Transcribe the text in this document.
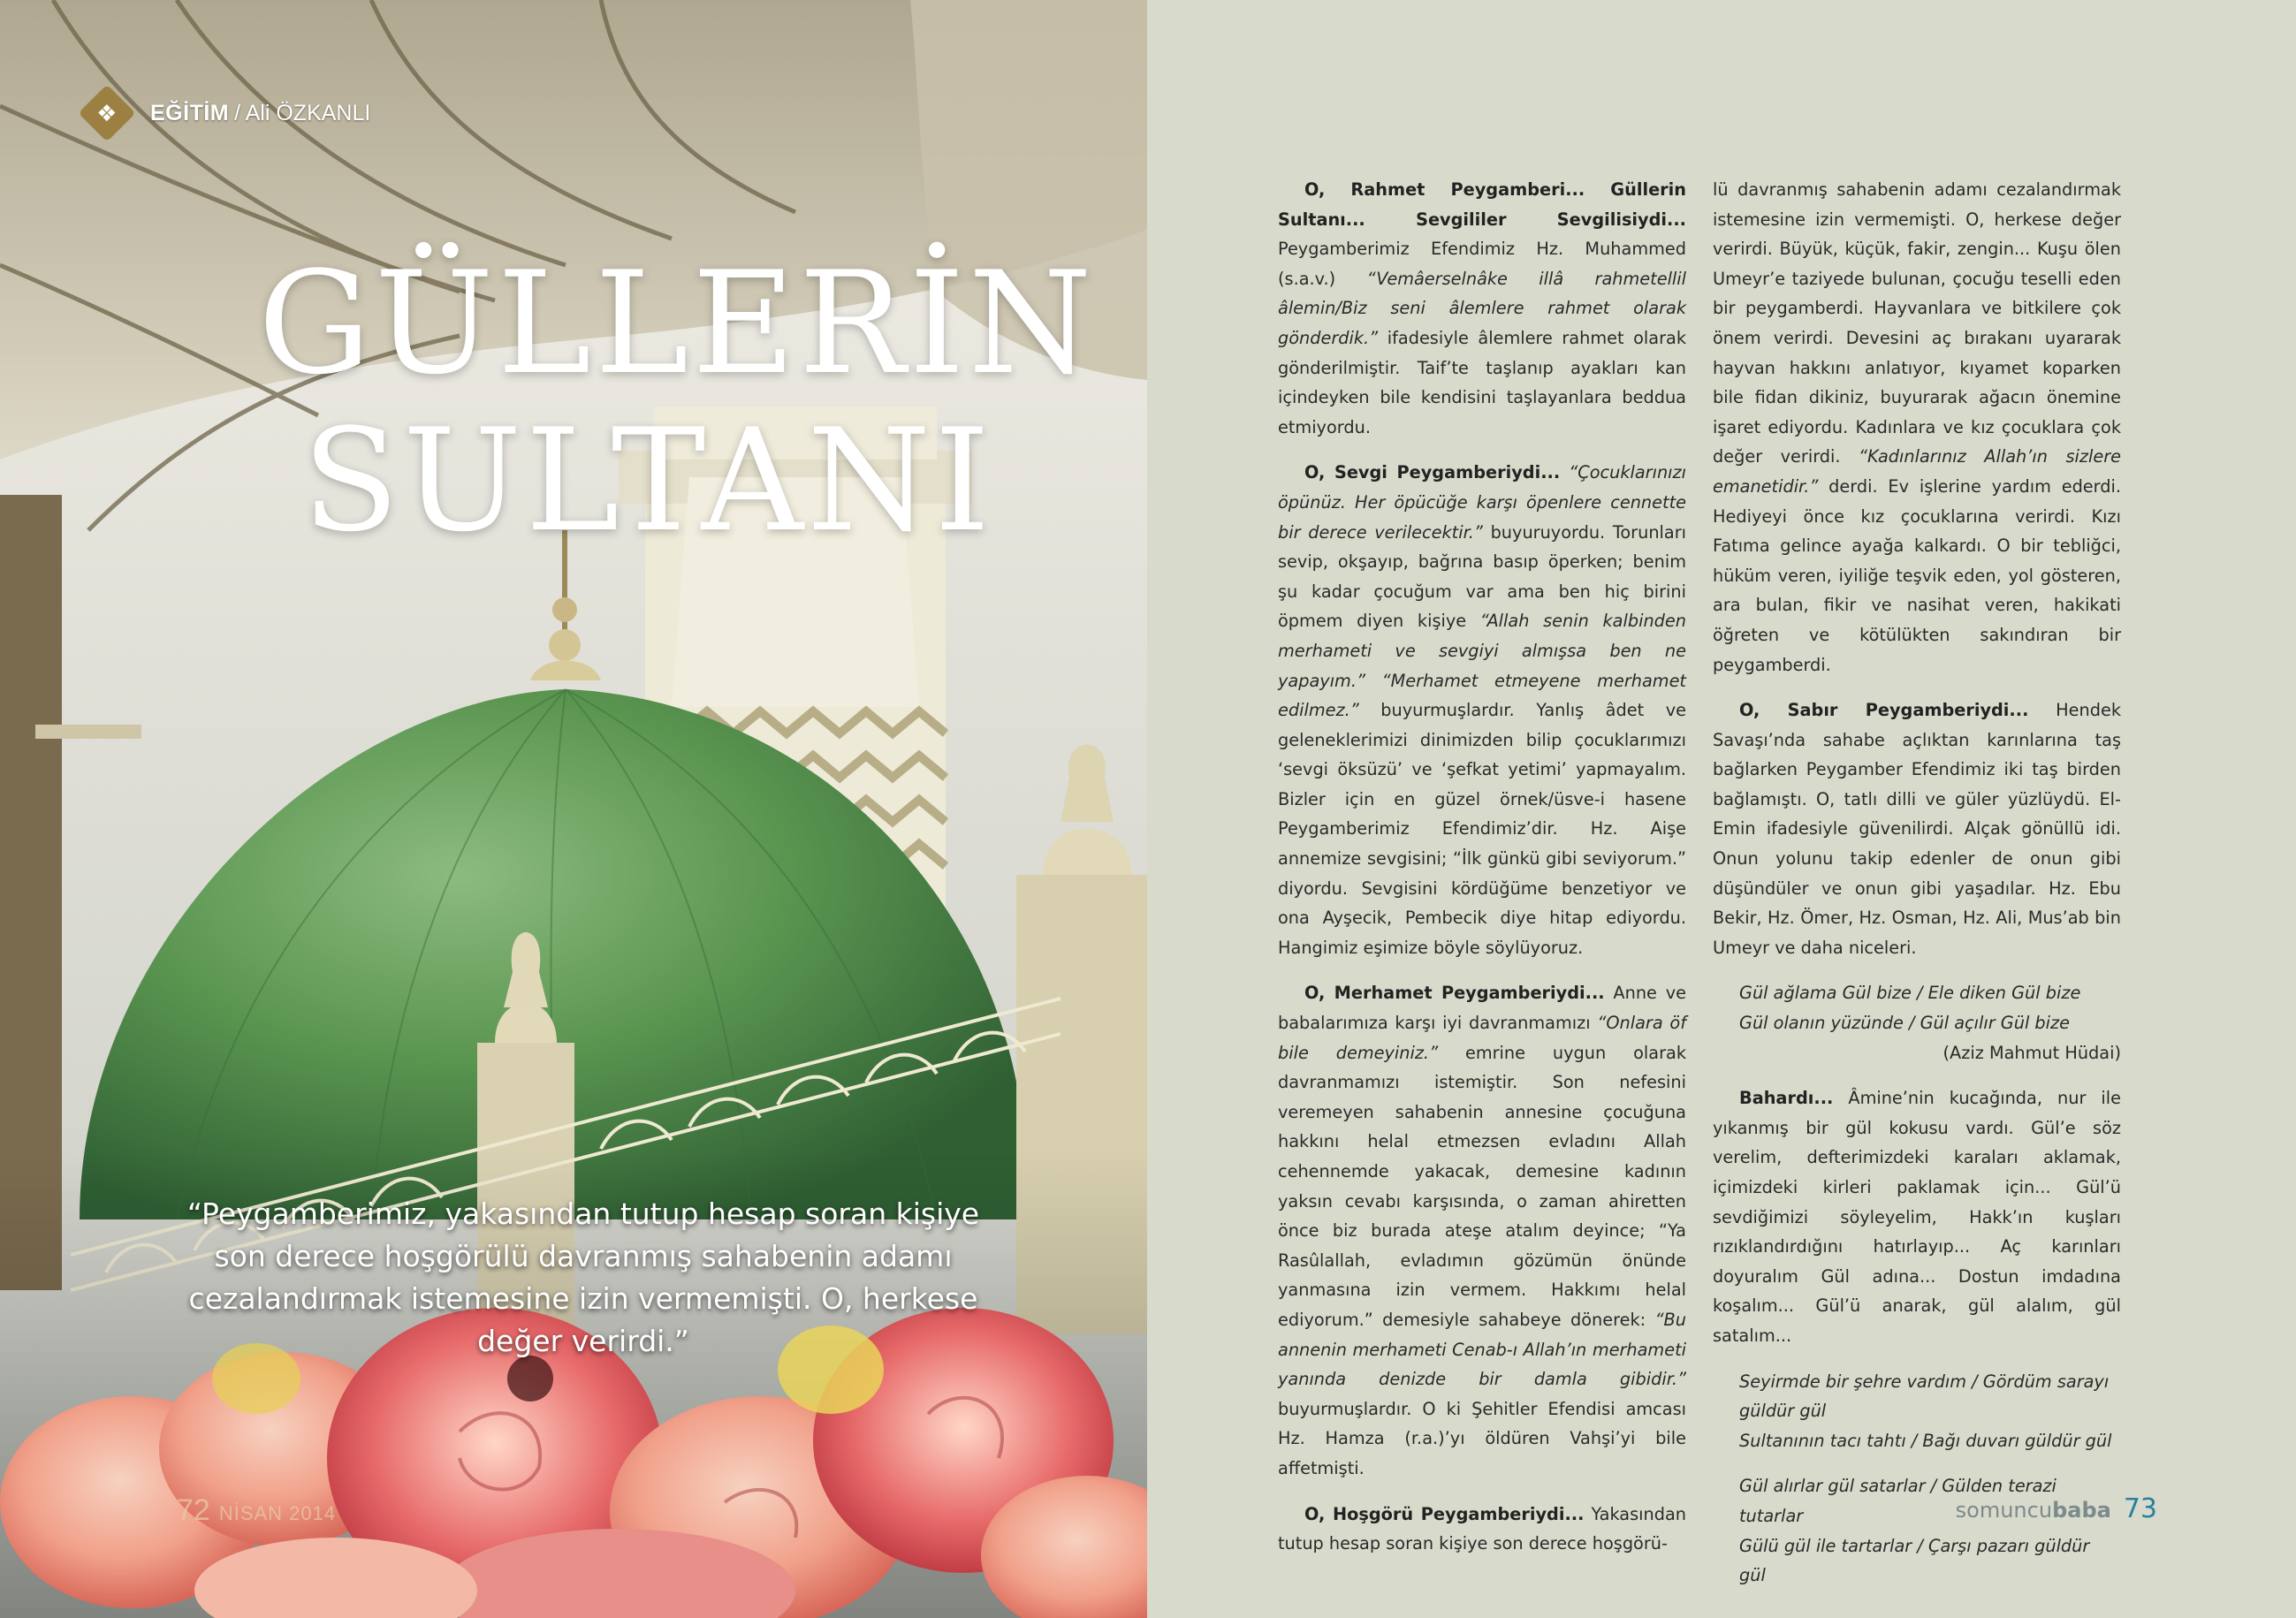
❖ EĞİTİM / Ali ÖZKANLI
GÜLLERİN
SULTANI
“Peygamberimiz, yakasından tutup hesap soran kişiye son derece hoşgörülü davranmış sahabenin adamı cezalandırmak istemesine izin vermemişti. O, herkese değer verirdi.”
72 NİSAN 2014

O, Rahmet Peygamberi... Güllerin Sultanı... Sevgililer Sevgilisiydi... Peygamberimiz Efendimiz Hz. Muhammed (s.a.v.) “Vemâerselnâke illâ rahmetellil âlemin/Biz seni âlemlere rahmet olarak gönderdik.” ifadesiyle âlemlere rahmet olarak gönderilmiştir. Taif’te taşlanıp ayakları kan içindeyken bile kendisini taşlayanlara beddua etmiyordu.

O, Sevgi Peygamberiydi... “Çocuklarınızı öpünüz. Her öpücüğe karşı öpenlere cennette bir derece verilecektir.” buyuruyordu. Torunları sevip, okşayıp, bağrına basıp öperken; benim şu kadar çocuğum var ama ben hiç birini öpmem diyen kişiye “Allah senin kalbinden merhameti ve sevgiyi almışsa ben ne yapayım.” “Merhamet etmeyene merhamet edilmez.” buyurmuşlardır. Yanlış âdet ve geleneklerimizi dinimizden bilip çocuklarımızı ‘sevgi öksüzü’ ve ‘şefkat yetimi’ yapmayalım. Bizler için en güzel örnek/üsve-i hasene Peygamberimiz Efendimiz’dir. Hz. Aişe annemize sevgisini; “İlk günkü gibi seviyorum.” diyordu. Sevgisini kördüğüme benzetiyor ve ona Ayşecik, Pembecik diye hitap ediyordu. Hangimiz eşimize böyle söylüyoruz.

O, Merhamet Peygamberiydi... Anne ve babalarımıza karşı iyi davranmamızı “Onlara öf bile demeyiniz.” emrine uygun olarak davranmamızı istemiştir. Son nefesini veremeyen sahabenin annesine çocuğuna hakkını helal etmezsen evladını Allah cehennemde yakacak, demesine kadının yaksın cevabı karşısında, o zaman ahiretten önce biz burada ateşe atalım deyince; “Ya Rasûlallah, evladımın gözümün önünde yanmasına izin vermem. Hakkımı helal ediyorum.” demesiyle sahabeye dönerek: “Bu annenin merhameti Cenab-ı Allah’ın merhameti yanında denizde bir damla gibidir.” buyurmuşlardır. O ki Şehitler Efendisi amcası Hz. Hamza (r.a.)’yı öldüren Vahşi’yi bile affetmişti.

O, Hoşgörü Peygamberiydi... Yakasından tutup hesap soran kişiye son derece hoşgörü-

lü davranmış sahabenin adamı cezalandırmak istemesine izin vermemişti. O, herkese değer verirdi. Büyük, küçük, fakir, zengin... Kuşu ölen Umeyr’e taziyede bulunan, çocuğu teselli eden bir peygamberdi. Hayvanlara ve bitkilere çok önem verirdi. Devesini aç bırakanı uyararak hayvan hakkını anlatıyor, kıyamet koparken bile fidan dikiniz, buyurarak ağacın önemine işaret ediyordu. Kadınlara ve kız çocuklara çok değer verirdi. “Kadınlarınız Allah’ın sizlere emanetidir.” derdi. Ev işlerine yardım ederdi. Hediyeyi önce kız çocuklarına verirdi. Kızı Fatıma gelince ayağa kalkardı. O bir tebliğci, hüküm veren, iyiliğe teşvik eden, yol gösteren, ara bulan, fikir ve nasihat veren, hakikati öğreten ve kötülükten sakındıran bir peygamberdi.

O, Sabır Peygamberiydi... Hendek Savaşı’nda sahabe açlıktan karınlarına taş bağlarken Peygamber Efendimiz iki taş birden bağlamıştı. O, tatlı dilli ve güler yüzlüydü. El-Emin ifadesiyle güvenilirdi. Alçak gönüllü idi. Onun yolunu takip edenler de onun gibi düşündüler ve onun gibi yaşadılar. Hz. Ebu Bekir, Hz. Ömer, Hz. Osman, Hz. Ali, Mus’ab bin Umeyr ve daha niceleri.

Gül ağlama Gül bize / Ele diken Gül bize
Gül olanın yüzünde / Gül açılır Gül bize
(Aziz Mahmut Hüdai)

Bahardı... Âmine’nin kucağında, nur ile yıkanmış bir gül kokusu vardı. Gül’e söz verelim, defterimizdeki karaları aklamak, içimizdeki kirleri paklamak için... Gül’ü sevdiğimizi söyleyelim, Hakk’ın kuşları rızıklandırdığını hatırlayıp... Aç karınları doyuralım Gül adına... Dostun imdadına koşalım... Gül’ü anarak, gül alalım, gül satalım...

Seyirmde bir şehre vardım / Gördüm sarayı güldür gül
Sultanının tacı tahtı / Bağı duvarı güldür gül
Gül alırlar gül satarlar / Gülden terazi tutarlar
Gülü gül ile tartarlar / Çarşı pazarı güldür gül
somuncu baba 73
